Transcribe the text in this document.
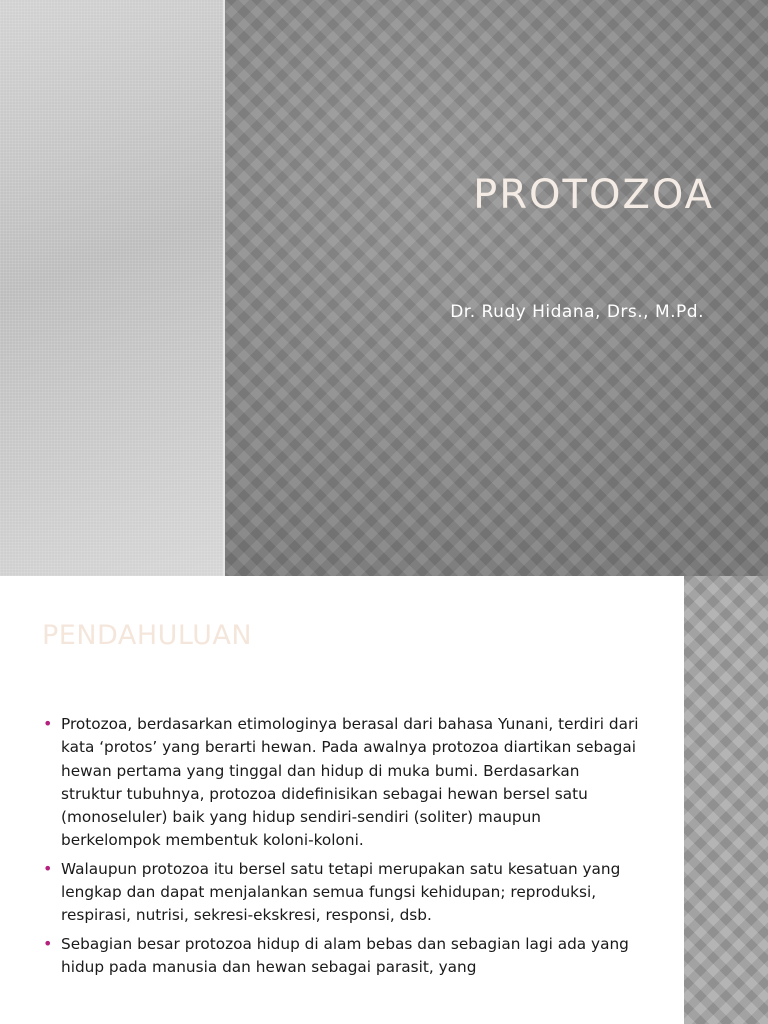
PROTOZOA

Dr. Rudy Hidana, Drs., M.Pd.

PENDAHULUAN
• Protozoa, berdasarkan etimologinya berasal dari bahasa Yunani, terdiri dari kata ‘protos’ yang berarti hewan. Pada awalnya protozoa diartikan sebagai hewan pertama yang tinggal dan hidup di muka bumi. Berdasarkan struktur tubuhnya, protozoa didefinisikan sebagai hewan bersel satu (monoseluler) baik yang hidup sendiri-sendiri (soliter) maupun berkelompok membentuk koloni-koloni.
• Walaupun protozoa itu bersel satu tetapi merupakan satu kesatuan yang lengkap dan dapat menjalankan semua fungsi kehidupan; reproduksi, respirasi, nutrisi, sekresi-ekskresi, responsi, dsb.
• Sebagian besar protozoa hidup di alam bebas dan sebagian lagi ada yang hidup pada manusia dan hewan sebagai parasit, yang
